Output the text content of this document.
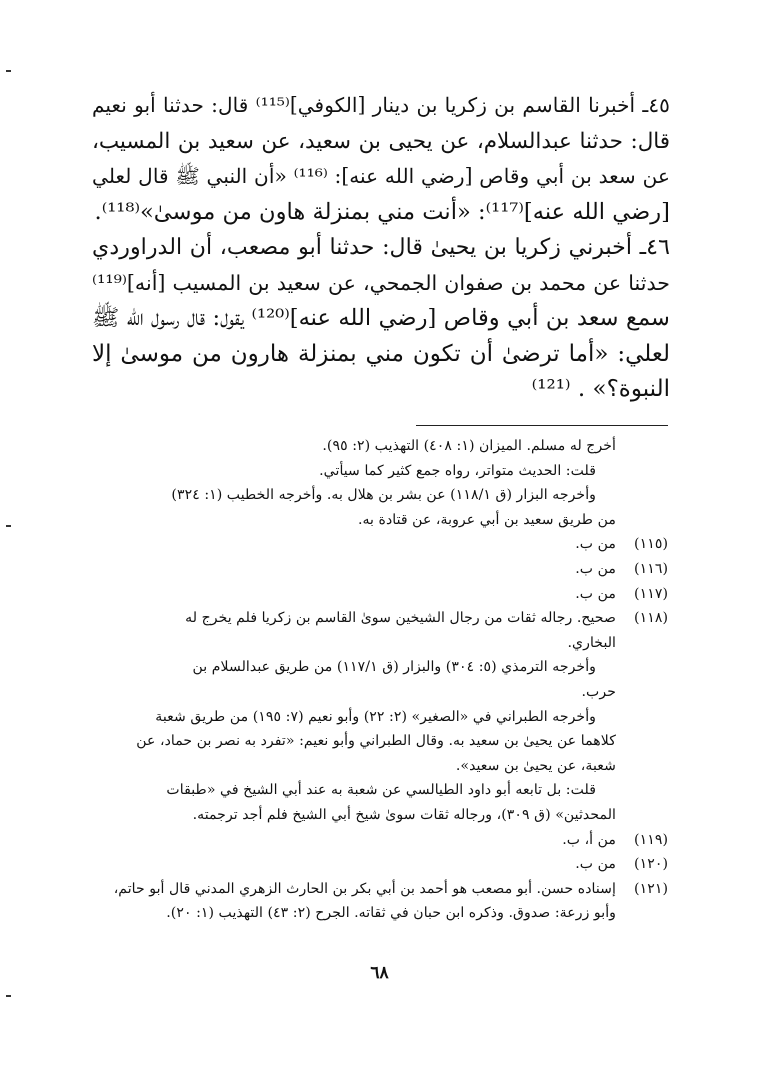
٤٥ـ أخبرنا القاسم بن زكريا بن دينار [الكوفي]⁽¹¹⁵⁾ قال: حدثنا أبو نعيم
قال: حدثنا عبدالسلام، عن يحيى بن سعيد، عن سعيد بن المسيب،
عن سعد بن أبي وقاص [رضي الله عنه]: ⁽¹¹⁶⁾ «أن النبي ﷺ قال لعلي
[رضي الله عنه]⁽¹¹⁷⁾: «أنت مني بمنزلة هاون من موسىٰ»⁽¹¹⁸⁾.
٤٦ـ أخبرني زكريا بن يحيىٰ قال: حدثنا أبو مصعب، أن الدراوردي
حدثنا عن محمد بن صفوان الجمحي، عن سعيد بن المسيب [أنه]⁽¹¹⁹⁾
سمع سعد بن أبي وقاص [رضي الله عنه]⁽¹²⁰⁾ يقول: قال رسول الله ﷺ
لعلي: «أما ترضىٰ أن تكون مني بمنزلة هارون من موسىٰ إلا
النبوة؟» . ⁽¹²¹⁾
أخرج له مسلم. الميزان (١: ٤٠٨) التهذيب (٢: ٩٥).
قلت: الحديث متواتر، رواه جمع كثير كما سيأتي.
وأخرجه البزار (ق ١١٨/١) عن بشر بن هلال به. وأخرجه الخطيب (١: ٣٢٤)
من طريق سعيد بن أبي عروبة، عن قتادة به.
(١١٥)
من ب.
(١١٦)
من ب.
(١١٧)
من ب.
(١١٨)
صحيح. رجاله ثقات من رجال الشيخين سوىٰ القاسم بن زكريا فلم يخرج له
البخاري.
وأخرجه الترمذي (٥: ٣٠٤) والبزار (ق ١١٧/١) من طريق عبدالسلام بن
حرب.
وأخرجه الطبراني في «الصغير» (٢: ٢٢) وأبو نعيم (٧: ١٩٥) من طريق شعبة
كلاهما عن يحيىٰ بن سعيد به. وقال الطبراني وأبو نعيم: «تفرد به نصر بن حماد، عن
شعبة، عن يحيىٰ بن سعيد».
قلت: بل تابعه أبو داود الطيالسي عن شعبة به عند أبي الشيخ في «طبقات
المحدثين» (ق ٣٠٩)، ورجاله ثقات سوىٰ شيخ أبي الشيخ فلم أجد ترجمته.
(١١٩)
من أ، ب.
(١٢٠)
من ب.
(١٢١)
إسناده حسن. أبو مصعب هو أحمد بن أبي بكر بن الحارث الزهري المدني قال أبو حاتم،
وأبو زرعة: صدوق. وذكره ابن حبان في ثقاته. الجرح (٢: ٤٣) التهذيب (١: ٢٠).
٦٨
